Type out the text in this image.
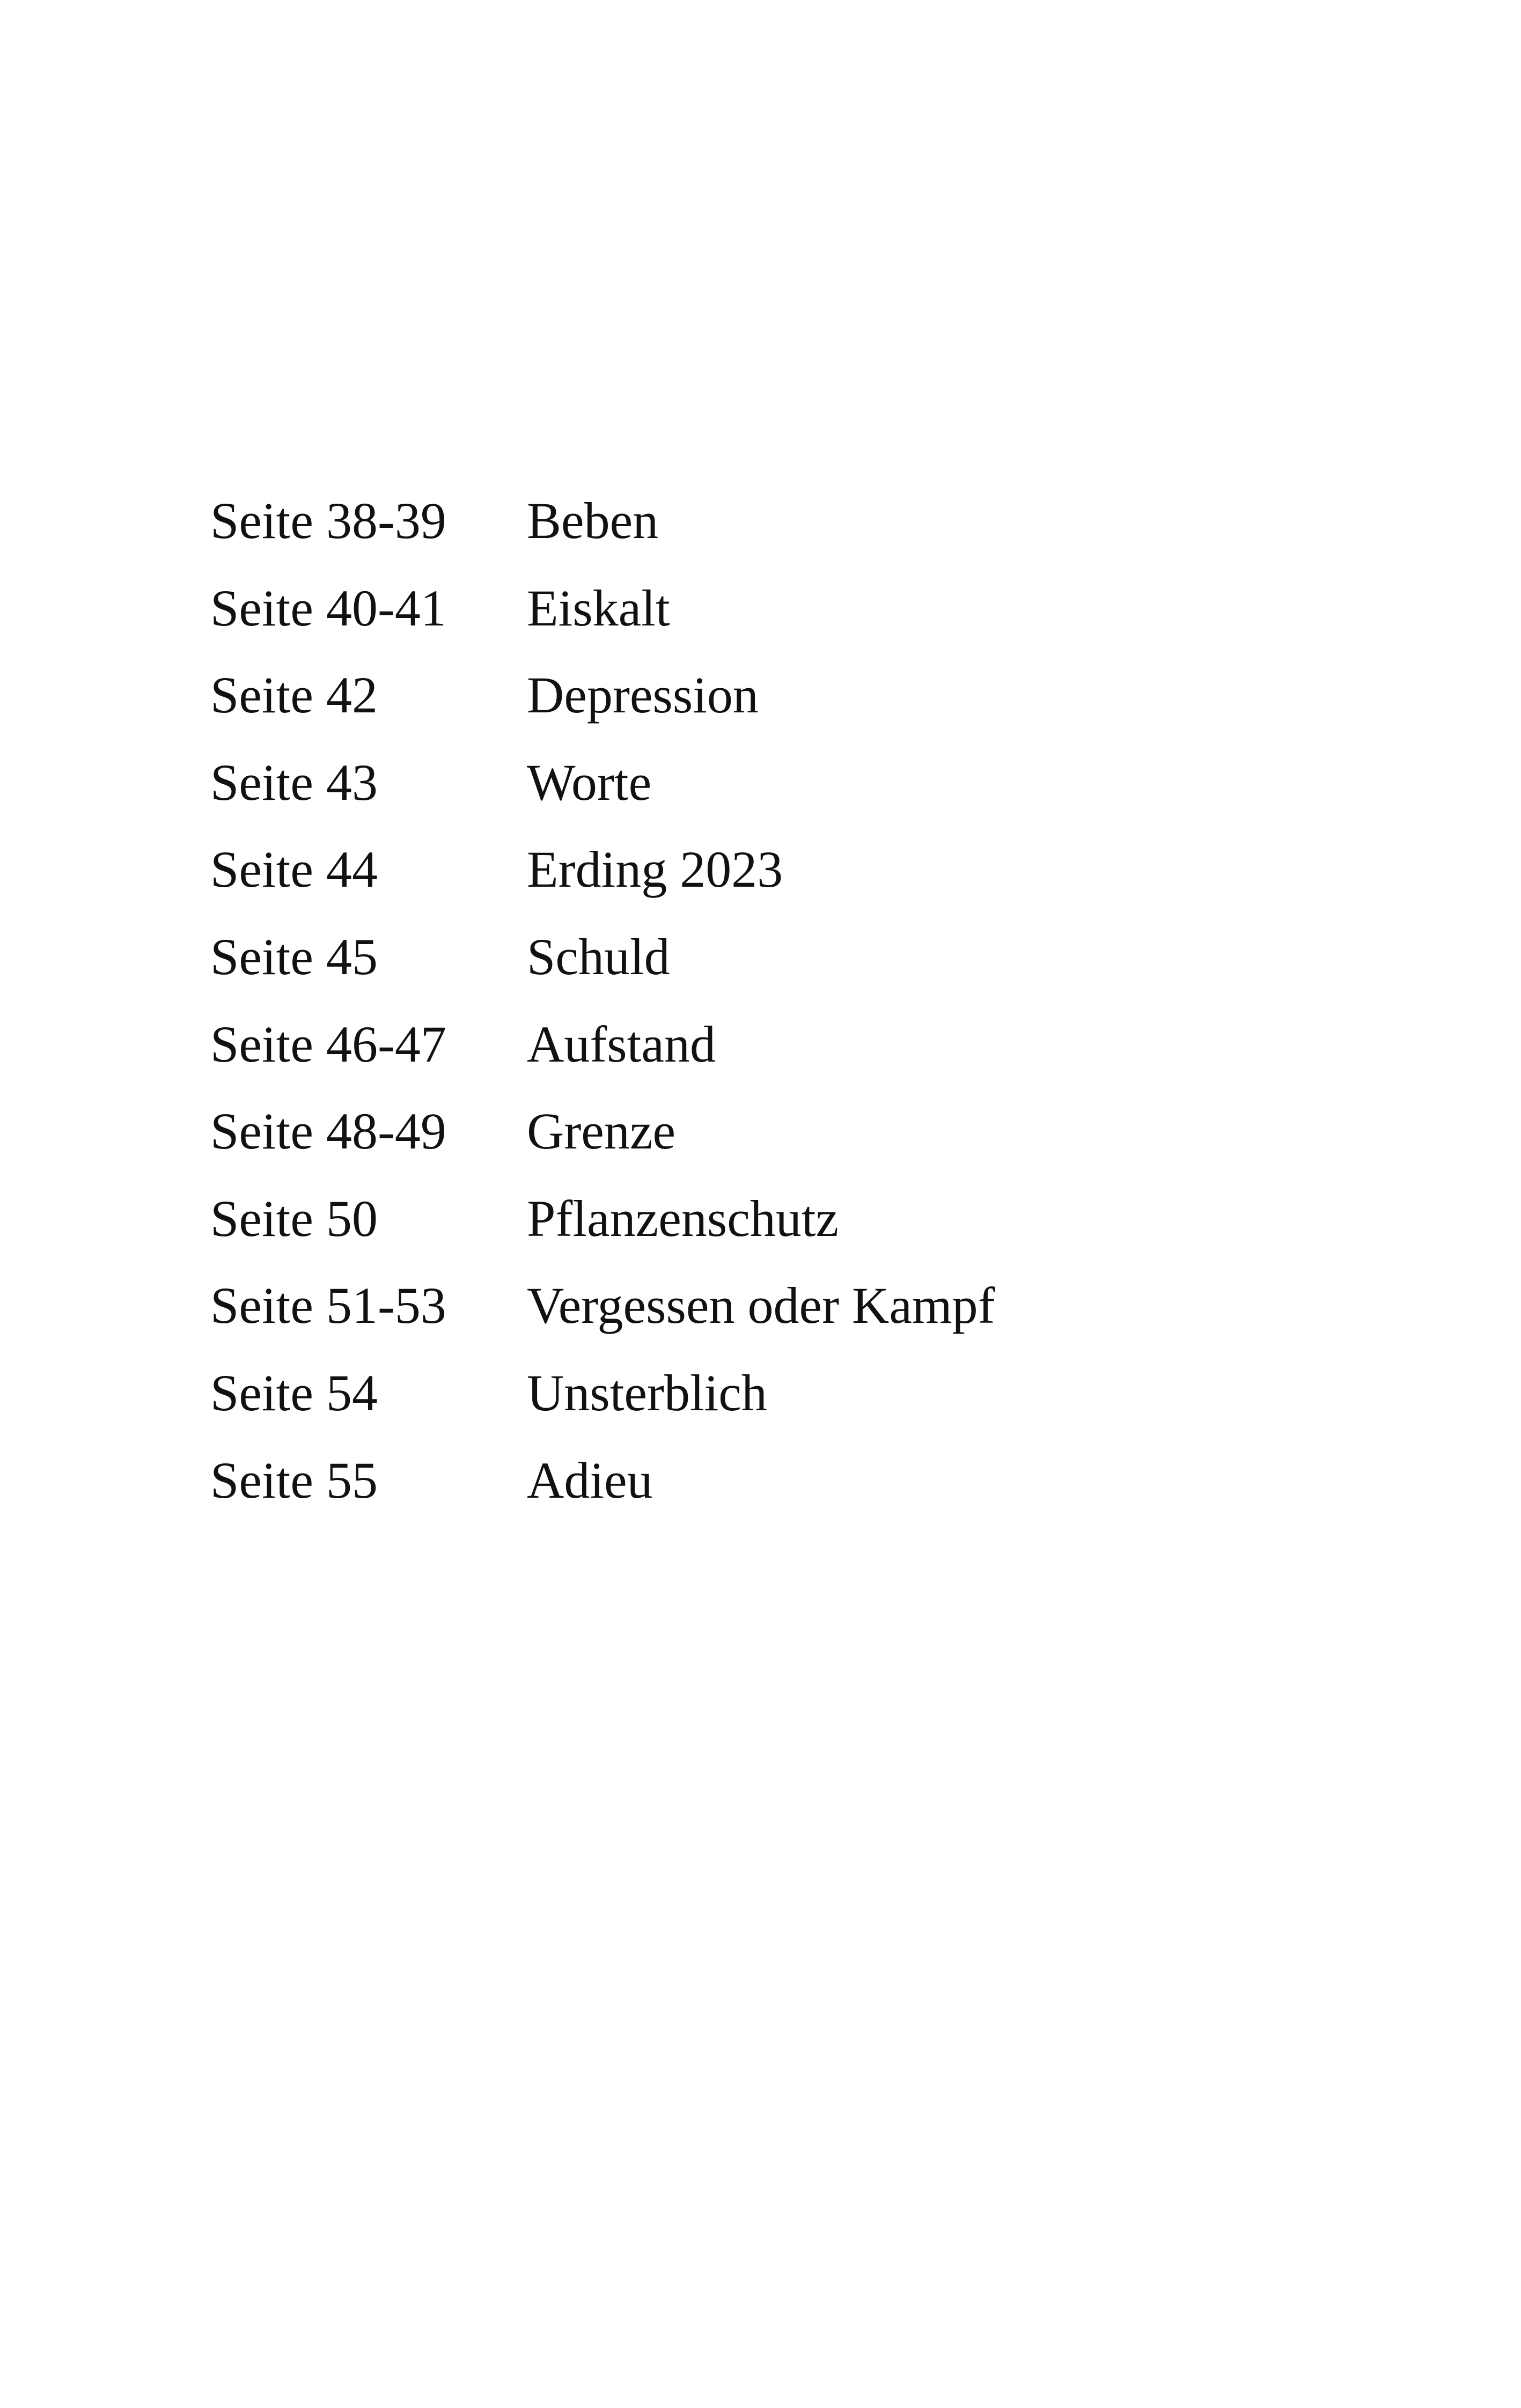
Seite 38-39	Beben
Seite 40-41	Eiskalt
Seite 42	Depression
Seite 43	Worte
Seite 44	Erding 2023
Seite 45	Schuld
Seite 46-47	Aufstand
Seite 48-49	Grenze
Seite 50	Pflanzenschutz
Seite 51-53	Vergessen oder Kampf
Seite 54	Unsterblich
Seite 55	Adieu
